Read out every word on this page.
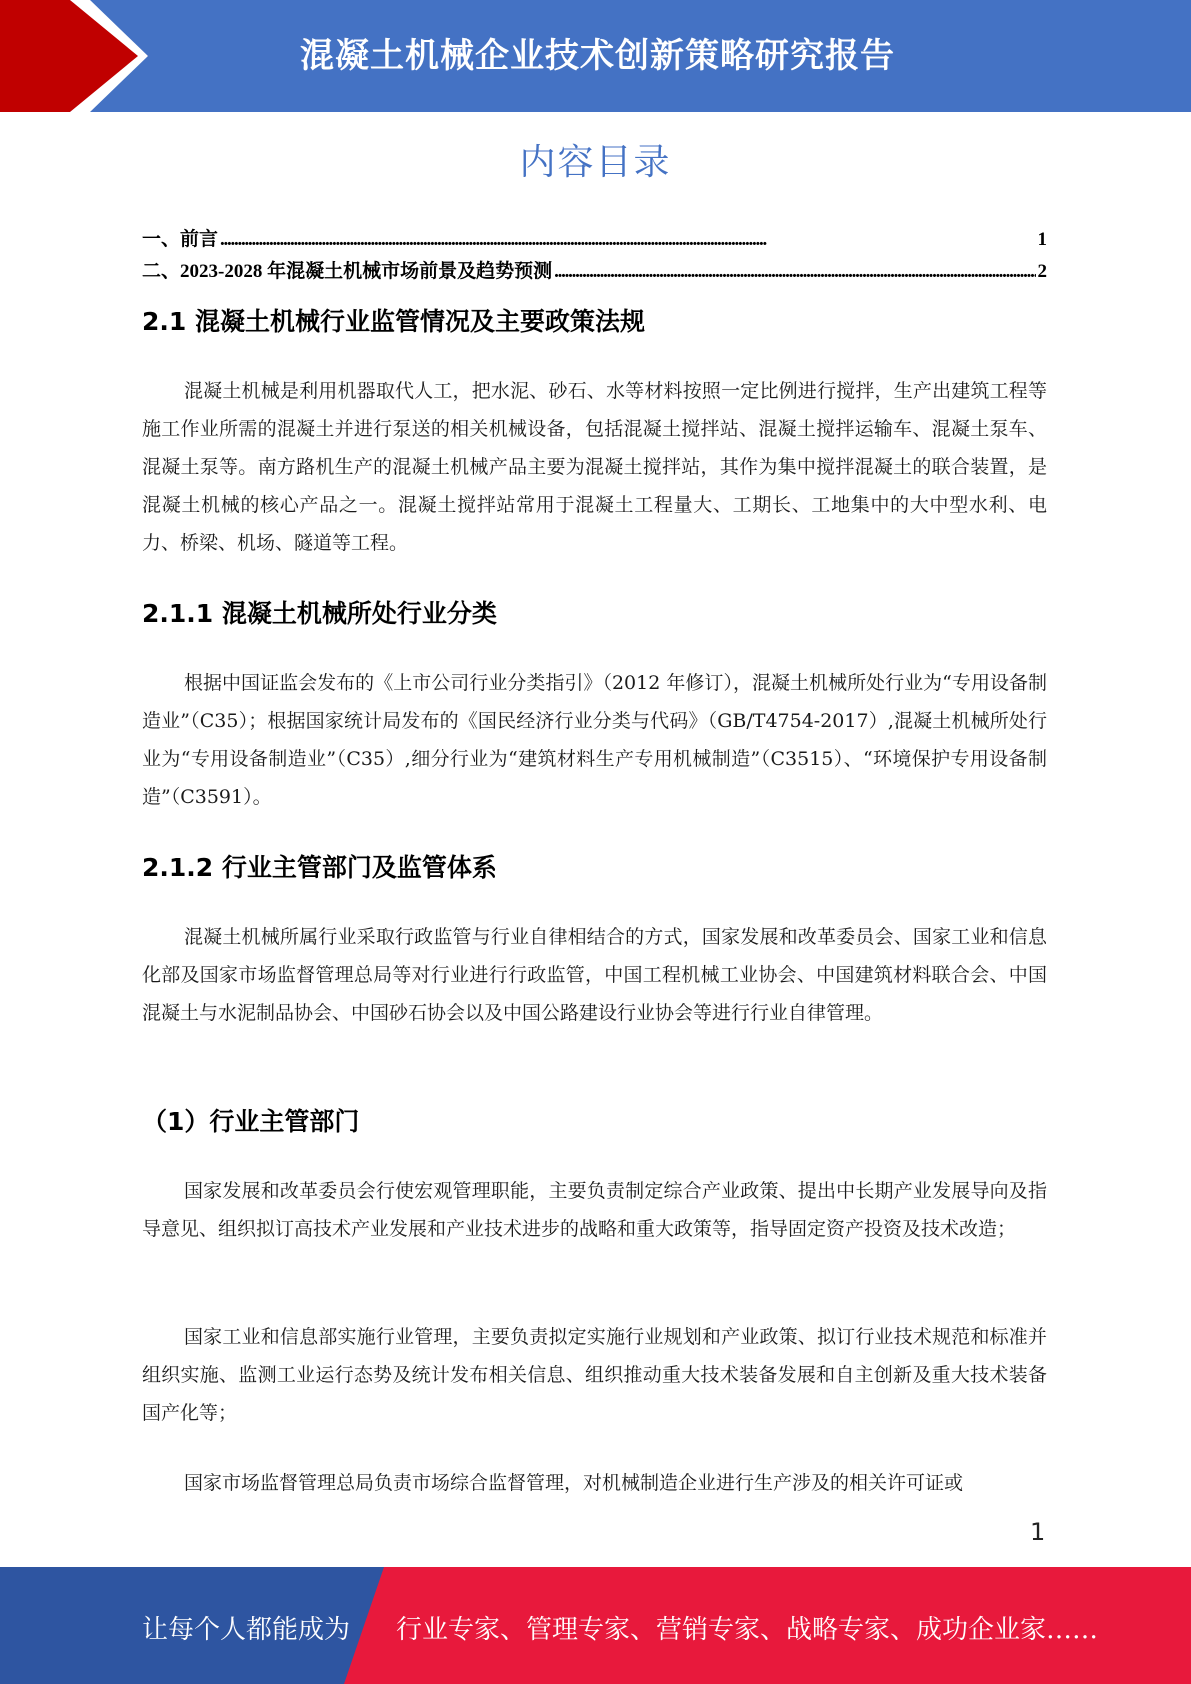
混凝土机械企业技术创新策略研究报告
内容目录
一、前言 . . .	1
二、2023-2028 年混凝土机械市场前景及趋势预测 . . .	2
2.1 混凝土机械行业监管情况及主要政策法规

混凝土机械是利用机器取代人工，把水泥、砂石、水等材料按照一定比例进行搅拌，生产出建筑工程等施工作业所需的混凝土并进行泵送的相关机械设备，包括混凝土搅拌站、混凝土搅拌运输车、混凝土泵车、混凝土泵等。南方路机生产的混凝土机械产品主要为混凝土搅拌站，其作为集中搅拌混凝土的联合装置，是混凝土机械的核心产品之一。混凝土搅拌站常用于混凝土工程量大、工期长、工地集中的大中型水利、电力、桥梁、机场、隧道等工程。

2.1.1 混凝土机械所处行业分类

根据中国证监会发布的《上市公司行业分类指引》（2012 年修订），混凝土机械所处行业为“专用设备制造业”（C35）；根据国家统计局发布的《国民经济行业分类与代码》（GB/T4754-2017）,混凝土机械所处行业为“专用设备制造业”（C35）,细分行业为“建筑材料生产专用机械制造”（C3515）、“环境保护专用设备制造”（C3591）。

2.1.2 行业主管部门及监管体系

混凝土机械所属行业采取行政监管与行业自律相结合的方式，国家发展和改革委员会、国家工业和信息化部及国家市场监督管理总局等对行业进行行政监管，中国工程机械工业协会、中国建筑材料联合会、中国混凝土与水泥制品协会、中国砂石协会以及中国公路建设行业协会等进行行业自律管理。

（1）行业主管部门

国家发展和改革委员会行使宏观管理职能，主要负责制定综合产业政策、提出中长期产业发展导向及指导意见、组织拟订高技术产业发展和产业技术进步的战略和重大政策等，指导固定资产投资及技术改造；

国家工业和信息部实施行业管理，主要负责拟定实施行业规划和产业政策、拟订行业技术规范和标准并组织实施、监测工业运行态势及统计发布相关信息、组织推动重大技术装备发展和自主创新及重大技术装备国产化等；

国家市场监督管理总局负责市场综合监督管理，对机械制造企业进行生产涉及的相关许可证或

1
让每个人都能成为 行业专家、管理专家、营销专家、战略专家、成功企业家……
